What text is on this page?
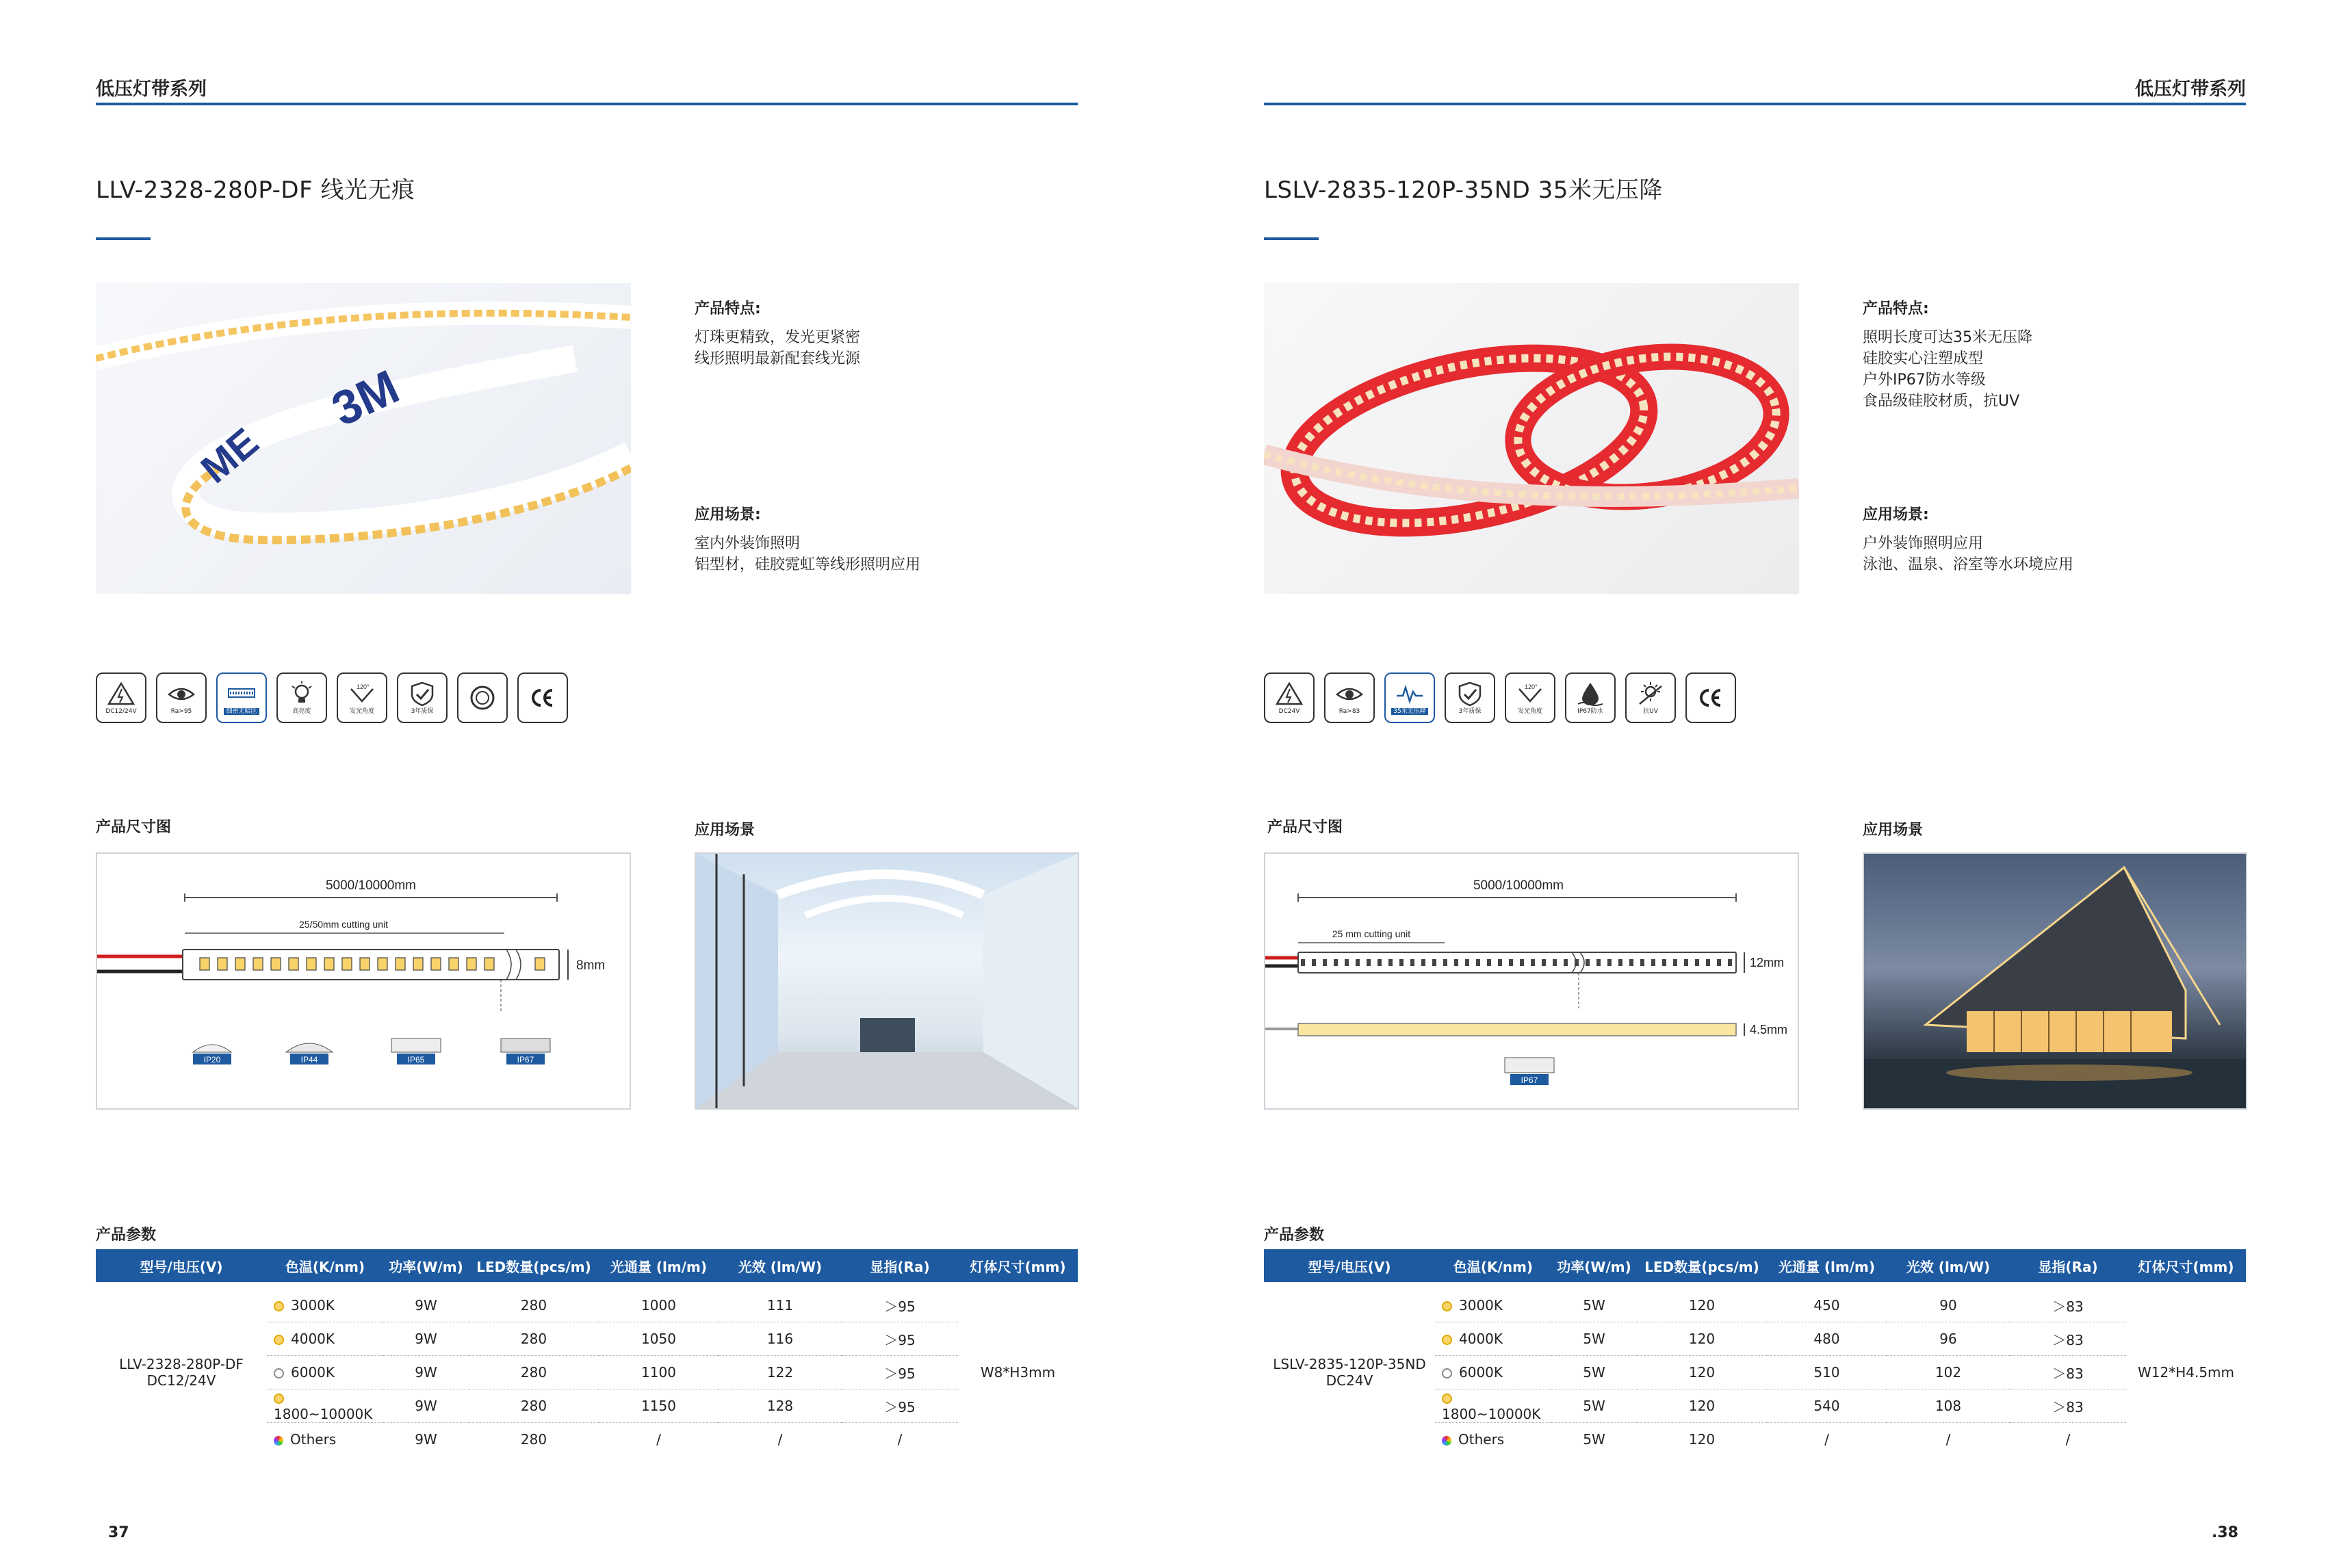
低压灯带系列
LLV-2328-280P-DF 线光无痕
3M
ME
产品特点:
灯珠更精致，发光更紧密
线形照明最新配套线光源
应用场景:
室内外装饰照明
铝型材，硅胶霓虹等线形照明应用
DC12/24V	Ra>95	细密无暗区	高亮度
120°
发光角度	3年质保
产品尺寸图	应用场景
5000/10000mm
25/50mm cutting unit
8mm
IP20	IP44	IP65	IP67
产品参数
型号/电压(V)	色温(K/nm)	功率(W/m)	LED数量(pcs/m)	光通量 (lm/m)	光效 (lm/W)	显指(Ra)	灯体尺寸(mm)

LLV-2328-280P-DF
DC12/24V	3000K	9W	280	1000	111	＞95	W8*H3mm
	4000K	9W	280	1050	116	＞95	
	6000K	9W	280	1100	122	＞95	
	1800~10000K	9W	280	1150	128	＞95	
	Others	9W	280	/	/	/	
37
低压灯带系列
LSLV-2835-120P-35ND 35米无压降
产品特点:
照明长度可达35米无压降
硅胶实心注塑成型
户外IP67防水等级
食品级硅胶材质，抗UV
应用场景:
户外装饰照明应用
泳池、温泉、浴室等水环境应用
DC24V	Ra>83	35米无压降	3年质保
120°
发光角度	IP67防水	抗UV
产品尺寸图	应用场景
5000/10000mm
25 mm cutting unit
12mm
4.5mm
IP67
产品参数
型号/电压(V)	色温(K/nm)	功率(W/m)	LED数量(pcs/m)	光通量 (lm/m)	光效 (lm/W)	显指(Ra)	灯体尺寸(mm)

LSLV-2835-120P-35ND
DC24V	3000K	5W	120	450	90	＞83	W12*H4.5mm
	4000K	5W	120	480	96	＞83	
	6000K	5W	120	510	102	＞83	
	1800~10000K	5W	120	540	108	＞83	
	Others	5W	120	/	/	/	
.38
